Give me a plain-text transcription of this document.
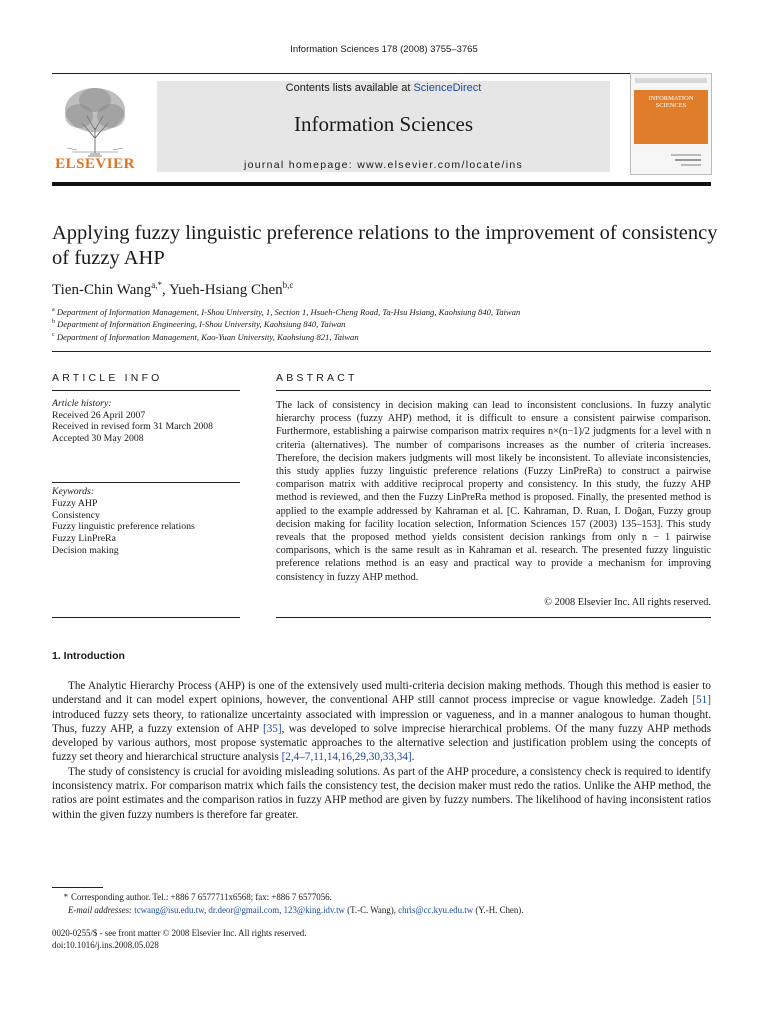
Information Sciences 178 (2008) 3755–3765
ELSEVIER
Contents lists available at ScienceDirect
Information Sciences
journal homepage: www.elsevier.com/locate/ins
INFORMATION SCIENCES
Applying fuzzy linguistic preference relations to the improvement of consistency of fuzzy AHP
Tien-Chin Wang$^{a,*}$, Yueh-Hsiang Chen$^{b,c}$
$^a$ Department of Information Management, I-Shou University, 1, Section 1, Hsueh-Cheng Road, Ta-Hsu Hsiang, Kaohsiung 840, Taiwan
$^b$ Department of Information Engineering, I-Shou University, Kaohsiung 840, Taiwan
$^c$ Department of Information Management, Kao-Yuan University, Kaohsiung 821, Taiwan
ARTICLE INFO
Article history:
Received 26 April 2007
Received in revised form 31 March 2008
Accepted 30 May 2008
Keywords:
Fuzzy AHP
Consistency
Fuzzy linguistic preference relations
Fuzzy LinPreRa
Decision making
ABSTRACT
The lack of consistency in decision making can lead to inconsistent conclusions. In fuzzy analytic hierarchy process (fuzzy AHP) method, it is difficult to ensure a consistent pairwise comparison. Furthermore, establishing a pairwise comparison matrix requires n×(n−1)/2 judgments for a level with n criteria (alternatives). The number of comparisons increases as the number of criteria increases. Therefore, the decision makers judgments will most likely be inconsistent. To alleviate inconsistencies, this study applies fuzzy linguistic preference relations (Fuzzy LinPreRa) to construct a pairwise comparison matrix with additive reciprocal property and consistency. In this study, the fuzzy AHP method is reviewed, and then the Fuzzy LinPreRa method is proposed. Finally, the presented method is applied to the example addressed by Kahraman et al. [C. Kahraman, D. Ruan, I. Doğan, Fuzzy group decision making for facility location selection, Information Sciences 157 (2003) 135–153]. This study reveals that the proposed method yields consistent decision rankings from only n − 1 pairwise comparisons, which is the same result as in Kahraman et al. research. The presented fuzzy linguistic preference relations method is an easy and practical way to provide a mechanism for improving consistency in fuzzy AHP method.
© 2008 Elsevier Inc. All rights reserved.
1. Introduction

The Analytic Hierarchy Process (AHP) is one of the extensively used multi-criteria decision making methods. Though this method is easier to understand and it can model expert opinions, however, the conventional AHP still cannot process imprecise or vague knowledge. Zadeh [51] introduced fuzzy sets theory, to rationalize uncertainty associated with impression or vagueness, and in a manner analogous to human thought. Thus, fuzzy AHP, a fuzzy extension of AHP [35], was developed to solve imprecise hierarchical problems. Of the many fuzzy AHP methods developed by various authors, most propose systematic approaches to the alternative selection and justification problem using the concepts of fuzzy set theory and hierarchical structure analysis [2,4–7,11,14,16,29,30,33,34].

The study of consistency is crucial for avoiding misleading solutions. As part of the AHP procedure, a consistency check is required to identify inconsistency matrix. For comparison matrix which fails the consistency test, the decision maker must redo the ratios. Unlike the AHP method, the ratios are point estimates and the comparison ratios in fuzzy AHP method are given by fuzzy numbers. The likelihood of having inconsistent ratios within the given fuzzy numbers is therefore far greater.

* Corresponding author. Tel.: +886 7 6577711x6568; fax: +886 7 6577056.
E-mail addresses: tcwang@isu.edu.tw, dr.deor@gmail.com, 123@king.idv.tw (T.-C. Wang), chris@cc.kyu.edu.tw (Y.-H. Chen).
0020-0255/$ - see front matter © 2008 Elsevier Inc. All rights reserved.
doi:10.1016/j.ins.2008.05.028
